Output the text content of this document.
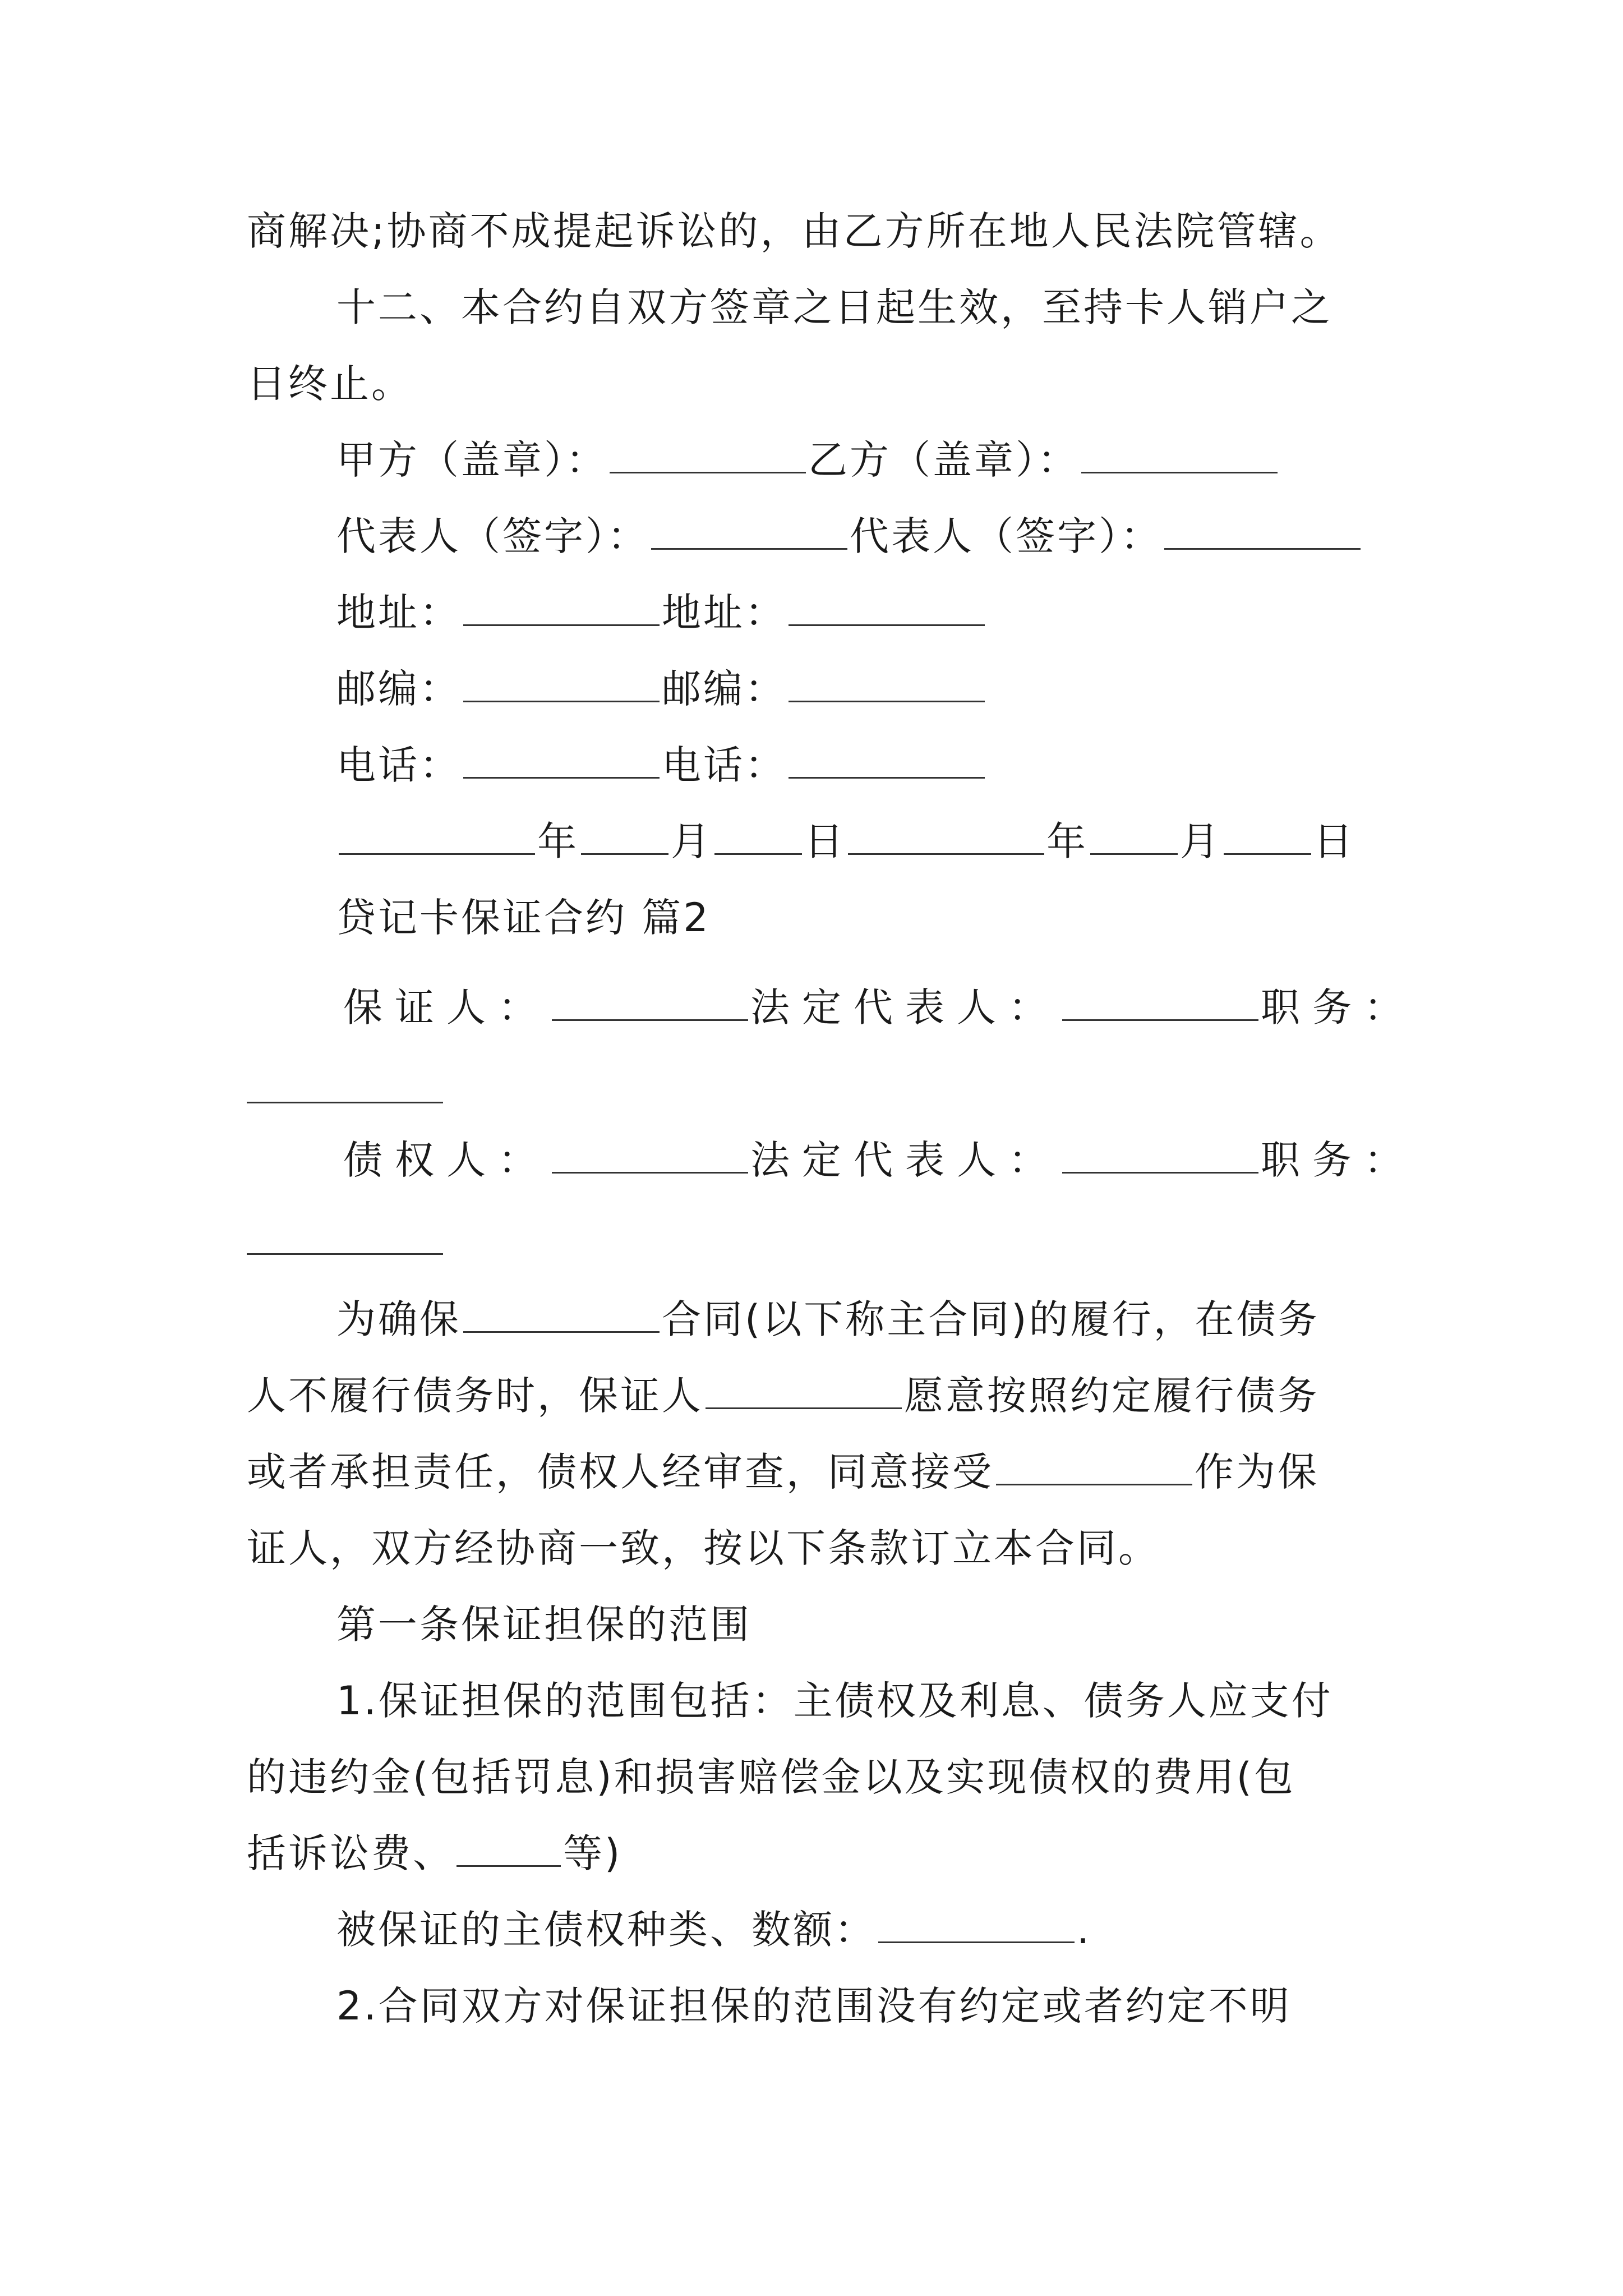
商解决;协商不成提起诉讼的，由乙方所在地人民法院管辖。
十二、本合约自双方签章之日起生效，至持卡人销户之
日终止。
甲方（盖章）：	乙方（盖章）：
代表人（签字）：	代表人（签字）：
地址：	地址：
邮编：	邮编：
电话：	电话：
年 月 日	年 月 日
贷记卡保证合约 篇2
保证人：	法定代表人：	职务：
债权人：	法定代表人：	职务：
为确保	合同(以下称主合同)的履行，在债务
人不履行债务时，保证人	愿意按照约定履行债务
或者承担责任，债权人经审查，同意接受	作为保
证人，双方经协商一致，按以下条款订立本合同。
第一条保证担保的范围
1.保证担保的范围包括：主债权及利息、债务人应支付
的违约金(包括罚息)和损害赔偿金以及实现债权的费用(包
括诉讼费、	等)
被保证的主债权种类、数额：	.
2.合同双方对保证担保的范围没有约定或者约定不明
